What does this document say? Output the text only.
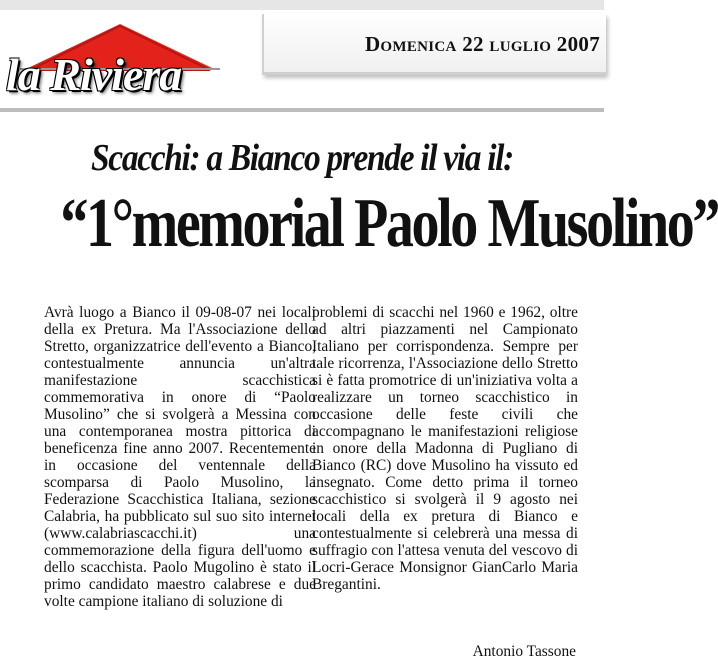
la Riviera
Domenica 22 luglio 2007
Scacchi: a Bianco prende il via il:
“1°memorial Paolo Musolino”

Avrà luogo a Bianco il 09-08-07 nei locali della ex Pretura. Ma l'Associazione dello Stretto, organizzatrice dell'evento a Bianco, contestualmente annuncia un'altra manifestazione scacchistica commemorativa in onore di “Paolo Musolino” che si svolgerà a Messina con una contemporanea mostra pittorica di beneficenza fine anno 2007. Recentemente in occasione del ventennale della scomparsa di Paolo Musolino, la Federazione Scacchistica Italiana, sezione Calabria, ha pubblicato sul suo sito internet (www.calabriascacchi.it) una commemorazione della figura dell'uomo e dello scacchista. Paolo Mugolino è stato il primo candidato maestro calabrese e due volte campione italiano di soluzione di

problemi di scacchi nel 1960 e 1962, oltre ad altri piazzamenti nel Campionato Italiano per corrispondenza. Sempre per tale ricorrenza, l'Associazione dello Stretto si è fatta promotrice di un'iniziativa volta a realizzare un torneo scacchistico in occasione delle feste civili che accompagnano le manifestazioni religiose in onore della Madonna di Pugliano di Bianco (RC) dove Musolino ha vissuto ed insegnato. Come detto prima il torneo scacchistico si svolgerà il 9 agosto nei locali della ex pretura di Bianco e contestualmente si celebrerà una messa di suffragio con l'attesa venuta del vescovo di Locri-Gerace Monsignor GianCarlo Maria Bregantini.

Antonio Tassone
